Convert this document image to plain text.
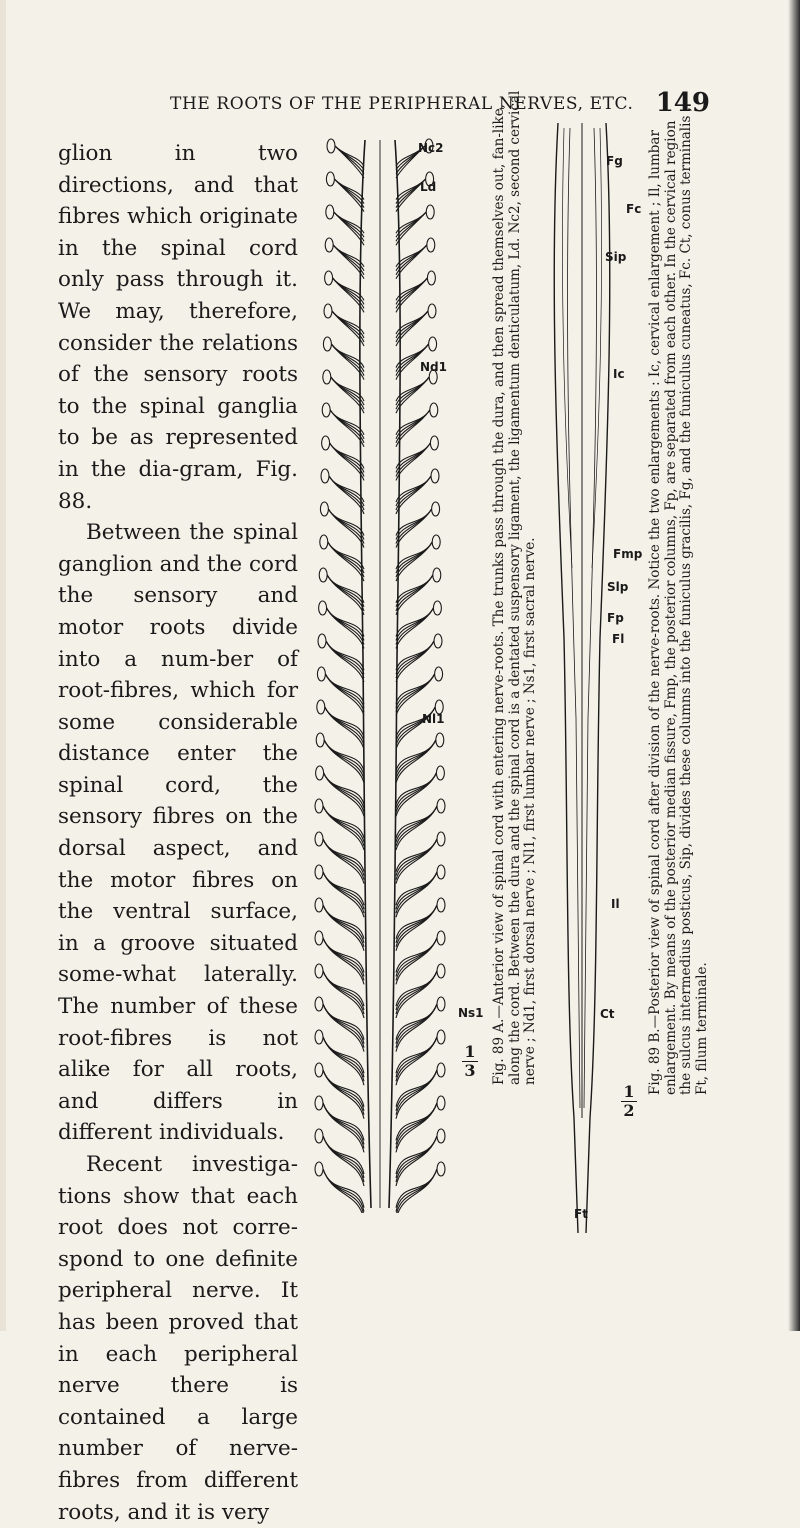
THE ROOTS OF THE PERIPHERAL NERVES, ETC. 149

glion in two directions, and that fibres which originate in the spinal cord only pass through it. We may, therefore, consider the relations of the sensory roots to the spinal ganglia to be as represented in the dia-gram, Fig. 88.

Between the spinal ganglion and the cord the sensory and motor roots divide into a num-ber of root-fibres, which for some considerable distance enter the spinal cord, the sensory fibres on the dorsal aspect, and the motor fibres on the ventral surface, in a groove situated some-what laterally. The number of these root-fibres is not alike for all roots, and differs in different individuals.

Recent investiga-tions show that each root does not corre-spond to one definite peripheral nerve. It has been proved that in each peripheral nerve there is contained a large number of nerve-fibres from different roots, and it is very

Nc2
Ld
Nd1
Nl1
Ns1
1
3 Fig. 89 A.—Anterior view of spinal cord with entering nerve-roots. The trunks pass through the dura, and then spread themselves out, fan-like, along the cord. Between the dura and the spinal cord is a dentated suspensory ligament, the ligamentum denticulatum, Ld. Nc2, second cervical nerve ; Nd1, first dorsal nerve ; Nl1, first lumbar nerve ; Ns1, first sacral nerve.
Fg
Fc
Sip
Ic
Fmp
Slp
Fp
Fl
Il
Ct
Ft
1
2
Fig. 89 B.—Posterior view of spinal cord after division of the nerve-roots. Notice the two enlargements : Ic, cervical enlargement ; Il, lumbar enlargement. By means of the posterior median fissure, Fmp, the posterior columns, Fp, are separated from each other. In the cervical region the sulcus intermedius posticus, Sip, divides these columns into the funiculus gracilis, Fg, and the funiculus cuneatus, Fc. Ct, conus terminalis ; Ft, filum terminale.
